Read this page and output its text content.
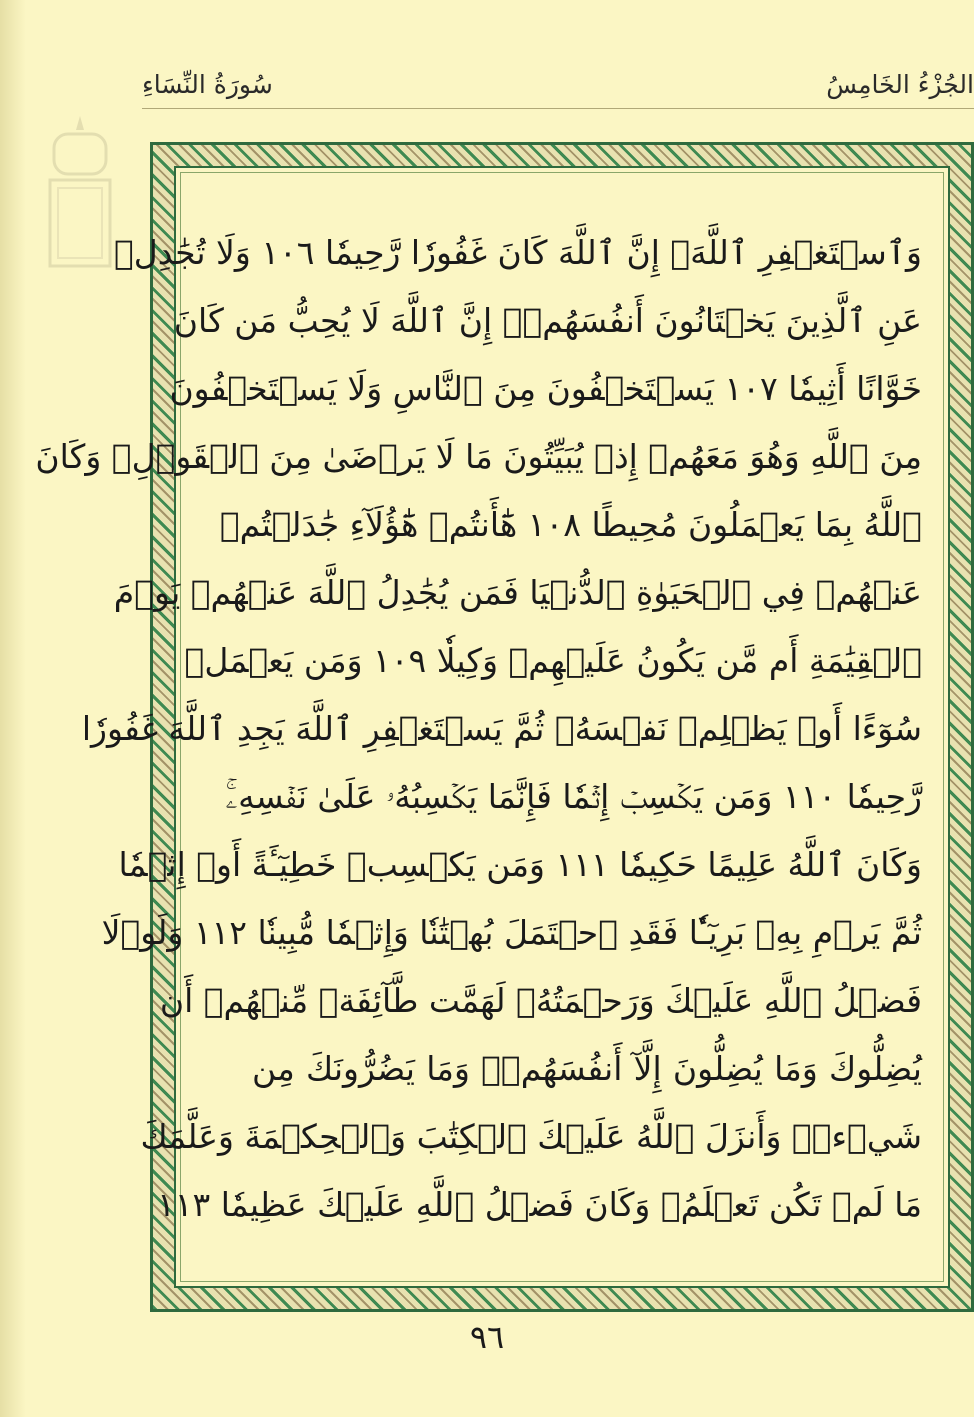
سُورَةُ النِّسَاءِ	الجُزْءُ الخَامِسُ
وَٱسۡتَغۡفِرِ ٱللَّهَۖ إِنَّ ٱللَّهَ كَانَ غَفُورٗا رَّحِيمٗا ١٠٦ وَلَا تُجَٰدِلۡ
عَنِ ٱلَّذِينَ يَخۡتَانُونَ أَنفُسَهُمۡۚ إِنَّ ٱللَّهَ لَا يُحِبُّ مَن كَانَ
خَوَّانًا أَثِيمٗا ١٠٧ يَسۡتَخۡفُونَ مِنَ ٱلنَّاسِ وَلَا يَسۡتَخۡفُونَ
مِنَ ٱللَّهِ وَهُوَ مَعَهُمۡ إِذۡ يُبَيِّتُونَ مَا لَا يَرۡضَىٰ مِنَ ٱلۡقَوۡلِۚ وَكَانَ
ٱللَّهُ بِمَا يَعۡمَلُونَ مُحِيطًا ١٠٨ هَٰٓأَنتُمۡ هَٰٓؤُلَآءِ جَٰدَلۡتُمۡ
عَنۡهُمۡ فِي ٱلۡحَيَوٰةِ ٱلدُّنۡيَا فَمَن يُجَٰدِلُ ٱللَّهَ عَنۡهُمۡ يَوۡمَ
ٱلۡقِيَٰمَةِ أَم مَّن يَكُونُ عَلَيۡهِمۡ وَكِيلٗا ١٠٩ وَمَن يَعۡمَلۡ
سُوٓءًا أَوۡ يَظۡلِمۡ نَفۡسَهُۥ ثُمَّ يَسۡتَغۡفِرِ ٱللَّهَ يَجِدِ ٱللَّهَ غَفُورٗا
رَّحِيمٗا ١١٠ وَمَن يَكۡسِبۡ إِثۡمٗا فَإِنَّمَا يَكۡسِبُهُۥ عَلَىٰ نَفۡسِهِۦۚ
وَكَانَ ٱللَّهُ عَلِيمًا حَكِيمٗا ١١١ وَمَن يَكۡسِبۡ خَطِيٓـَٔةً أَوۡ إِثۡمٗا
ثُمَّ يَرۡمِ بِهِۦ بَرِيٓـٔٗا فَقَدِ ٱحۡتَمَلَ بُهۡتَٰنٗا وَإِثۡمٗا مُّبِينٗا ١١٢ وَلَوۡلَا
فَضۡلُ ٱللَّهِ عَلَيۡكَ وَرَحۡمَتُهُۥ لَهَمَّت طَّآئِفَةٞ مِّنۡهُمۡ أَن
يُضِلُّوكَ وَمَا يُضِلُّونَ إِلَّآ أَنفُسَهُمۡۖ وَمَا يَضُرُّونَكَ مِن
شَيۡءٖۚ وَأَنزَلَ ٱللَّهُ عَلَيۡكَ ٱلۡكِتَٰبَ وَٱلۡحِكۡمَةَ وَعَلَّمَكَ
مَا لَمۡ تَكُن تَعۡلَمُۚ وَكَانَ فَضۡلُ ٱللَّهِ عَلَيۡكَ عَظِيمٗا ١١٣
٩٦
